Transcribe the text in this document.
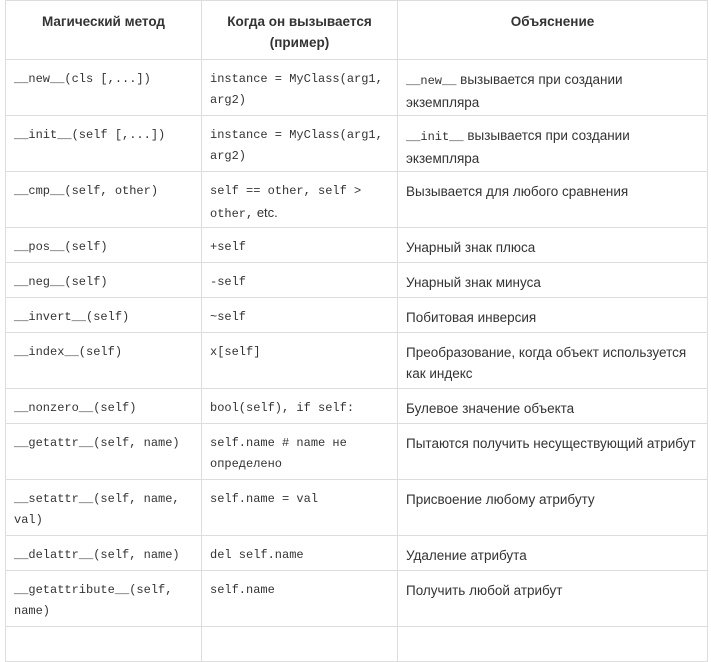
Магический метод	Когда он вызывается (пример)	Объяснение
__new__(cls [,...])	instance = MyClass(arg1, arg2)	__new__ вызывается при создании экземпляра
__init__(self [,...])	instance = MyClass(arg1, arg2)	__init__ вызывается при создании экземпляра
__cmp__(self, other)	self == other, self > other, etc.	Вызывается для любого сравнения
__pos__(self)	+self	Унарный знак плюса
__neg__(self)	-self	Унарный знак минуса
__invert__(self)	~self	Побитовая инверсия
__index__(self)	x[self]	Преобразование, когда объект используется как индекс
__nonzero__(self)	bool(self), if self:	Булевое значение объекта
__getattr__(self, name)	self.name # name не определено	Пытаются получить несуществующий атрибут
__setattr__(self, name, val)	self.name = val	Присвоение любому атрибуту
__delattr__(self, name)	del self.name	Удаление атрибута
__getattribute__(self, name)	self.name	Получить любой атрибут
